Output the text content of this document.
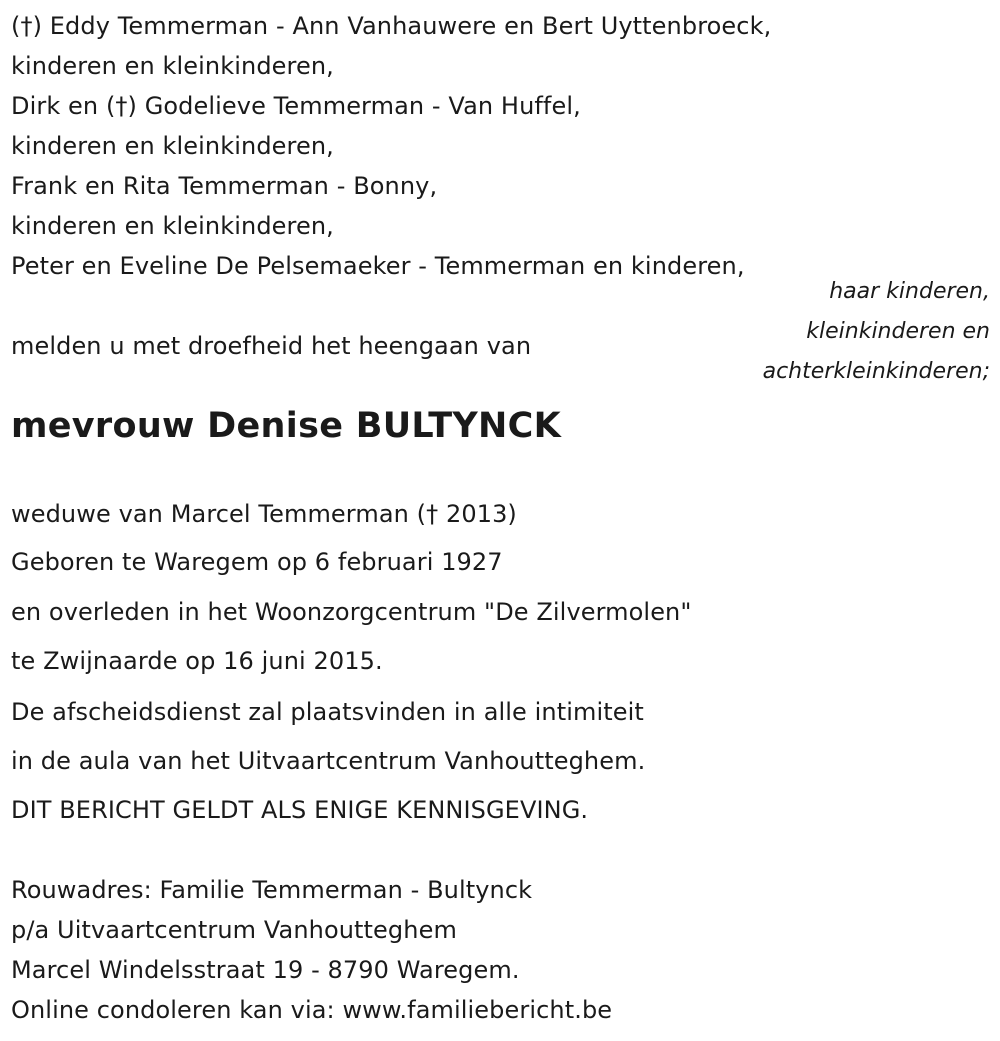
(†) Eddy Temmerman - Ann Vanhauwere en Bert Uyttenbroeck,
kinderen en kleinkinderen,
Dirk en (†) Godelieve Temmerman - Van Huffel,
kinderen en kleinkinderen,
Frank en Rita Temmerman - Bonny,
kinderen en kleinkinderen,
Peter en Eveline De Pelsemaeker - Temmerman en kinderen,
haar kinderen,
kleinkinderen en
achterkleinkinderen;
melden u met droefheid het heengaan van
mevrouw Denise BULTYNCK
weduwe van Marcel Temmerman († 2013)
Geboren te Waregem op 6 februari 1927
en overleden in het Woonzorgcentrum "De Zilvermolen"
te Zwijnaarde op 16 juni 2015.
De afscheidsdienst zal plaatsvinden in alle intimiteit
in de aula van het Uitvaartcentrum Vanhoutteghem.
DIT BERICHT GELDT ALS ENIGE KENNISGEVING.
Rouwadres: Familie Temmerman - Bultynck
p/a Uitvaartcentrum Vanhoutteghem
Marcel Windelsstraat 19 - 8790 Waregem.
Online condoleren kan via: www.familiebericht.be
